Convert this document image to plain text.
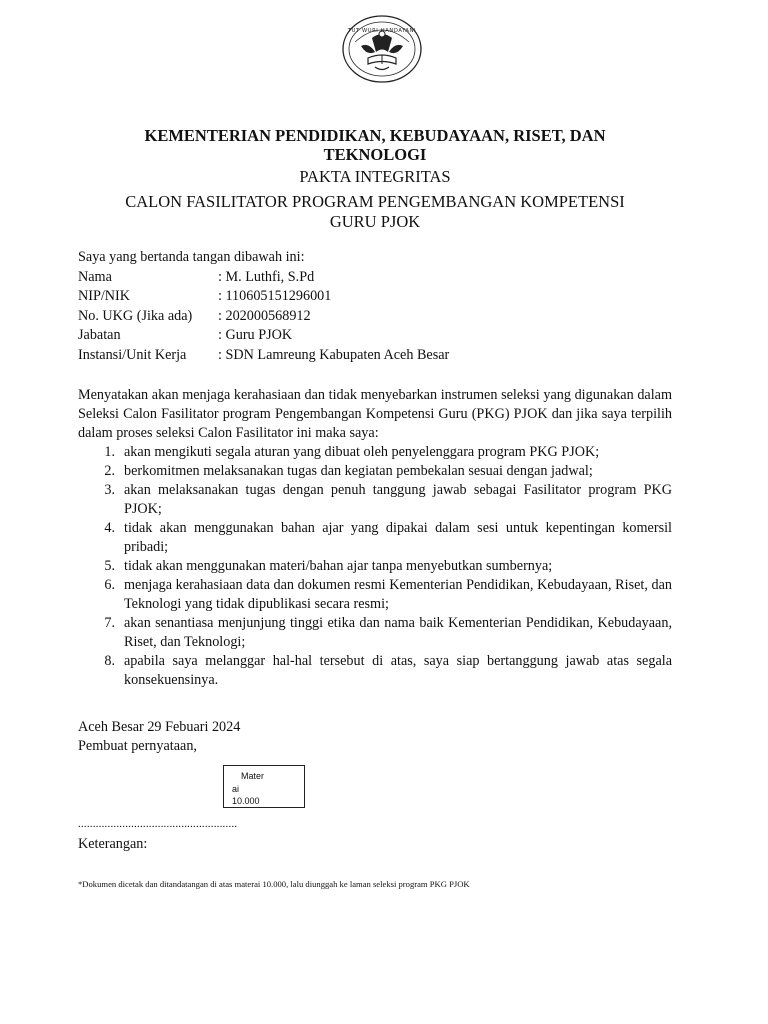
TUT WURI HANDAYANI
KEMENTERIAN PENDIDIKAN, KEBUDAYAAN, RISET, DAN
TEKNOLOGI
PAKTA INTEGRITAS
CALON FASILITATOR PROGRAM PENGEMBANGAN KOMPETENSI
GURU PJOK
Saya yang bertanda tangan dibawah ini:
Nama	: M. Luthfi, S.Pd
NIP/NIK	: 110605151296001
No. UKG (Jika ada)	: 202000568912
Jabatan	: Guru PJOK
Instansi/Unit Kerja	: SDN Lamreung Kabupaten Aceh Besar
Menyatakan akan menjaga kerahasiaan dan tidak menyebarkan instrumen seleksi yang digunakan dalam Seleksi Calon Fasilitator program Pengembangan Kompetensi Guru (PKG) PJOK dan jika saya terpilih dalam proses seleksi Calon Fasilitator ini maka saya:
1. akan mengikuti segala aturan yang dibuat oleh penyelenggara program PKG PJOK;
2. berkomitmen melaksanakan tugas dan kegiatan pembekalan sesuai dengan jadwal;
3. akan melaksanakan tugas dengan penuh tanggung jawab sebagai Fasilitator program PKG PJOK;
4. tidak akan menggunakan bahan ajar yang dipakai dalam sesi untuk kepentingan komersil pribadi;
5. tidak akan menggunakan materi/bahan ajar tanpa menyebutkan sumbernya;
6. menjaga kerahasiaan data dan dokumen resmi Kementerian Pendidikan, Kebudayaan, Riset, dan Teknologi yang tidak dipublikasi secara resmi;
7. akan senantiasa menjunjung tinggi etika dan nama baik Kementerian Pendidikan, Kebudayaan, Riset, dan Teknologi;
8. apabila saya melanggar hal-hal tersebut di atas, saya siap bertanggung jawab atas segala konsekuensinya.
Aceh Besar 29 Febuari 2024
Pembuat pernyataan,
Mater
ai
10.000
......................................................
Keterangan:
*Dokumen dicetak dan ditandatangan di atas materai 10.000, lalu diunggah ke laman seleksi program PKG PJOK
